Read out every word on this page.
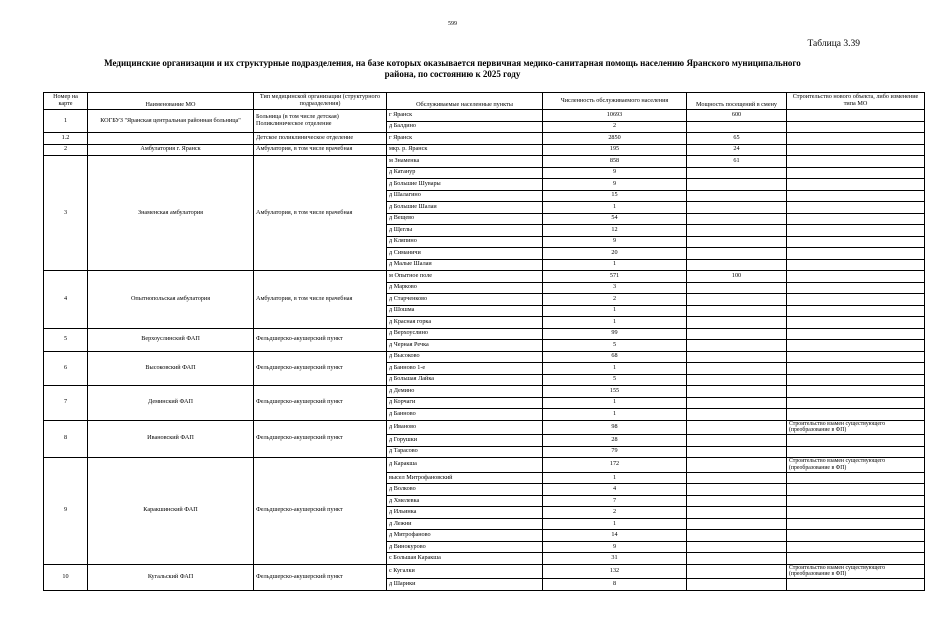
599
Таблица 3.39
Медицинские организации и их структурные подразделения, на базе которых оказывается первичная медико-санитарная помощь населению Яранского муниципального района, по состоянию к 2025 году
Номер на карте	Наименование МО	Тип медицинской организации (структурного подразделения)	Обслуживаемые населенные пункты	Численность обслуживаемого населения	Мощность посещений в смену	Строительство нового объекта, либо изменение типа МО
1	КОГБУЗ "Яранская центральная районная больница"	Больница (в том числе детская) Поликлиническое отделение	г Яранск	10693	600	
			д Балдино	2		
1.2		Детское поликлиническое отделение	г Яранск	2850	65	
2	Амбулатория г. Яранск	Амбулатория, в том числе врачебная	мкр. р. Яранск	195	24	
3	Знаменская амбулатория	Амбулатория, в том числе врачебная	м Знаменка	858	61	
			д Катанур	9		
			д Большие Шувары	9		
			д Шалагино	15		
			д Большие Шалаи	1		
			д Вещево	54		
			д Щеглы	12		
			д Кляпино	9		
			д Симаничи	20		
			д Малые Шалаи	1		
4	Опытнопольская амбулатория	Амбулатория, в том числе врачебная	м Опытное поле	571	100	
			д Марково	3		
			д Старченково	2		
			д Шошма	1		
			д Красная горка	1		
5	Верхоуслинский ФАП	Фельдшерско-акушерский пункт	д Верхоуслино	99		
			д Черная Речка	5		
6	Высоковский ФАП	Фельдшерско-акушерский пункт	д Высоково	68		
			д Банново 1-е	1		
			д Большая Лайка	5		
7	Деминский ФАП	Фельдшерско-акушерский пункт	д Демино	155		
			д Корчаги	1		
			д Банново	1		
8	Ивановский ФАП	Фельдшерско-акушерский пункт	д Иваново	98		Строительство взамен существующего (преобразование в ФП)
			д Горушки	28		
			д Тарасово	79		
9	Каракшинский ФАП	Фельдшерско-акушерский пункт	д Каракша	172		Строительство взамен существующего (преобразование в ФП)
			высел Митрофановский	1		
			д Волково	4		
			д Хмелевка	7		
			д Ильинка	2		
			д Лежни	1		
			д Митрофаново	14		
			д Винокурово	9		
			с Большая Каракша	31		
10	Кугальский ФАП	Фельдшерско-акушерский пункт	с Кугалки	132		Строительство взамен существующего (преобразование в ФП)
			д Шарики	8		
